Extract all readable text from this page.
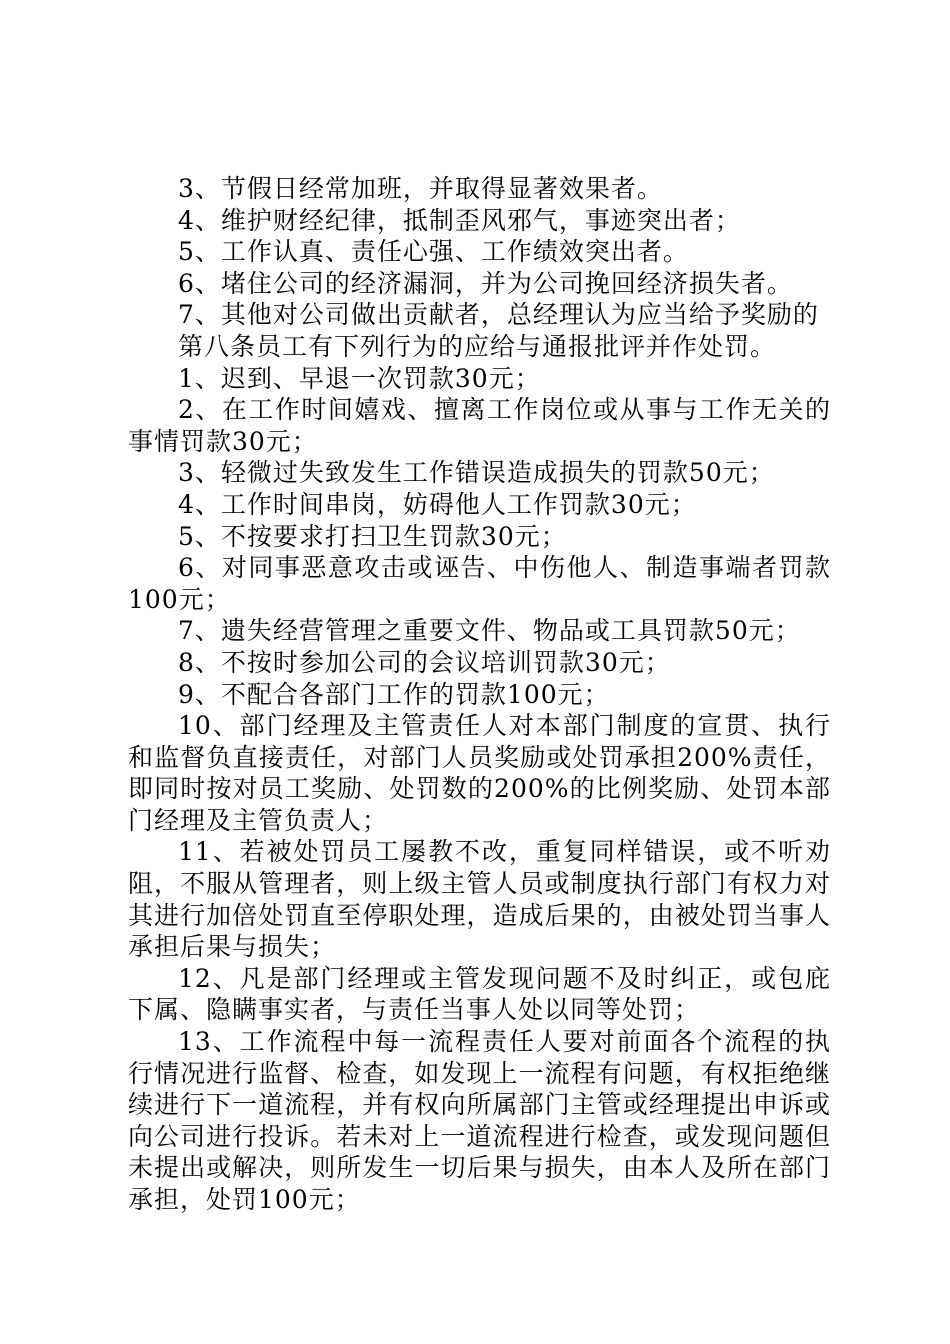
3、节假日经常加班，并取得显著效果者。

4、维护财经纪律，抵制歪风邪气，事迹突出者；

5、工作认真、责任心强、工作绩效突出者。

6、堵住公司的经济漏洞，并为公司挽回经济损失者。

7、其他对公司做出贡献者，总经理认为应当给予奖励的

第八条员工有下列行为的应给与通报批评并作处罚。

1、迟到、早退一次罚款30元；

2、在工作时间嬉戏、擅离工作岗位或从事与工作无关的事情罚款30元；

3、轻微过失致发生工作错误造成损失的罚款50元；

4、工作时间串岗，妨碍他人工作罚款30元；

5、不按要求打扫卫生罚款30元；

6、对同事恶意攻击或诬告、中伤他人、制造事端者罚款100元；

7、遗失经营管理之重要文件、物品或工具罚款50元；

8、不按时参加公司的会议培训罚款30元；

9、不配合各部门工作的罚款100元；

10、部门经理及主管责任人对本部门制度的宣贯、执行和监督负直接责任，对部门人员奖励或处罚承担200%责任，即同时按对员工奖励、处罚数的200%的比例奖励、处罚本部门经理及主管负责人；

11、若被处罚员工屡教不改，重复同样错误，或不听劝阻，不服从管理者，则上级主管人员或制度执行部门有权力对其进行加倍处罚直至停职处理，造成后果的，由被处罚当事人承担后果与损失；

12、凡是部门经理或主管发现问题不及时纠正，或包庇下属、隐瞒事实者，与责任当事人处以同等处罚；

13、工作流程中每一流程责任人要对前面各个流程的执行情况进行监督、检查，如发现上一流程有问题，有权拒绝继续进行下一道流程，并有权向所属部门主管或经理提出申诉或向公司进行投诉。若未对上一道流程进行检查，或发现问题但未提出或解决，则所发生一切后果与损失，由本人及所在部门承担，处罚100元；
